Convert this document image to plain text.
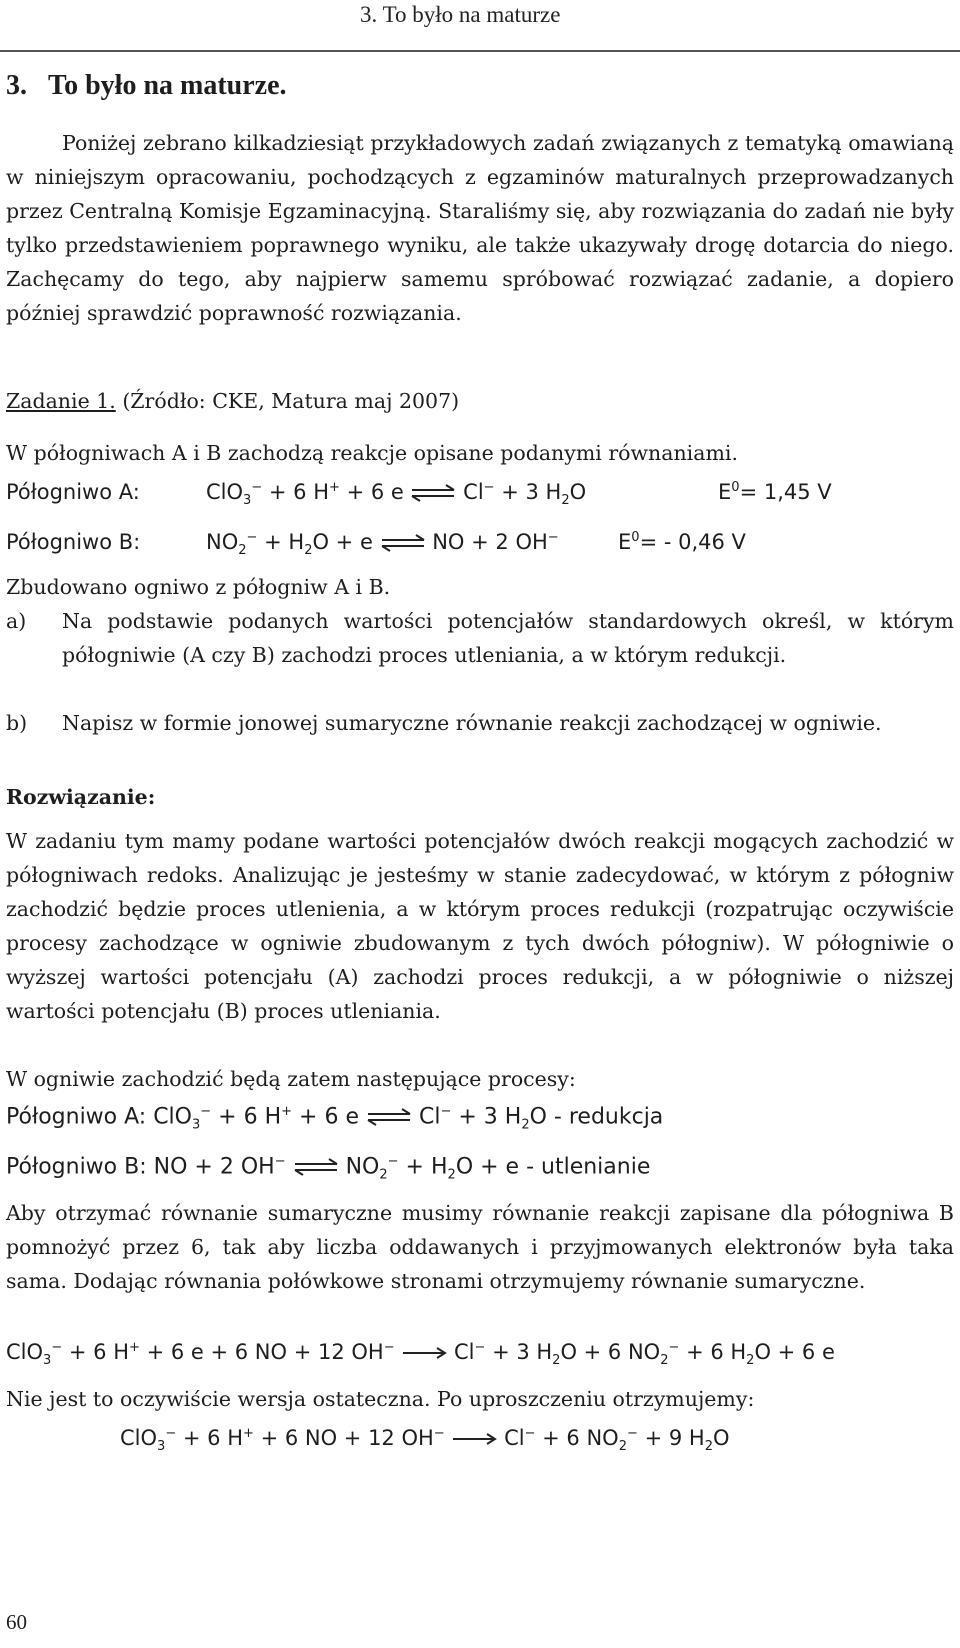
3. To było na maturze
3. To było na maturze.
Poniżej zebrano kilkadziesiąt przykładowych zadań związanych z tematyką omawianą w niniejszym opracowaniu, pochodzących z egzaminów maturalnych przeprowadzanych przez Centralną Komisje Egzaminacyjną. Staraliśmy się, aby rozwiązania do zadań nie były tylko przedstawieniem poprawnego wyniku, ale także ukazywały drogę dotarcia do niego. Zachęcamy do tego, aby najpierw samemu spróbować rozwiązać zadanie, a dopiero później sprawdzić poprawność rozwiązania.
Zadanie 1. (Źródło: CKE, Matura maj 2007)
W półogniwach A i B zachodzą reakcje opisane podanymi równaniami.
Półogniwo A:	ClO$_3$− + 6 H+ + 6 e ⇌ Cl− + 3 $H_2O$	$E^0= 1,45$ V
Półogniwo B:	$NO_2^- + H_2O + e$ ⇌ NO + 2 OH−	$E^0= - 0,46$ V
Zbudowano ogniwo z półogniw A i B.
a) Na podstawie podanych wartości potencjałów standardowych określ, w którym półogniwie (A czy B) zachodzi proces utleniania, a w którym redukcji.
b) Napisz w formie jonowej sumaryczne równanie reakcji zachodzącej w ogniwie.
Rozwiązanie:
W zadaniu tym mamy podane wartości potencjałów dwóch reakcji mogących zachodzić w półogniwach redoks. Analizując je jesteśmy w stanie zadecydować, w którym z półogniw zachodzić będzie proces utlenienia, a w którym proces redukcji (rozpatrując oczywiście procesy zachodzące w ogniwie zbudowanym z tych dwóch półogniw). W półogniwie o wyższej wartości potencjału (A) zachodzi proces redukcji, a w półogniwie o niższej wartości potencjału (B) proces utleniania.
W ogniwie zachodzić będą zatem następujące procesy:
Półogniwo A: ClO$_3$− + 6 H+ + 6 e ⇌ Cl− + 3 $H_2O$ - redukcja
Półogniwo B: NO + 2 OH− ⇌ $NO_2^- + H_2O + e$ - utlenianie
Aby otrzymać równanie sumaryczne musimy równanie reakcji zapisane dla półogniwa B pomnożyć przez 6, tak aby liczba oddawanych i przyjmowanych elektronów była taka sama. Dodając równania połówkowe stronami otrzymujemy równanie sumaryczne.
ClO$_3$− + 6 H+ + 6 e + 6 NO + 12 OH− → Cl− + 3 $H_2O + 6$ $NO_2^- + 6$ $H_2O + 6$ e
Nie jest to oczywiście wersja ostateczna. Po uproszczeniu otrzymujemy:
ClO$_3$− + 6 H+ + 6 NO + 12 OH− → Cl− + 6 $NO_2^- + 9$ $H_2O$
60
